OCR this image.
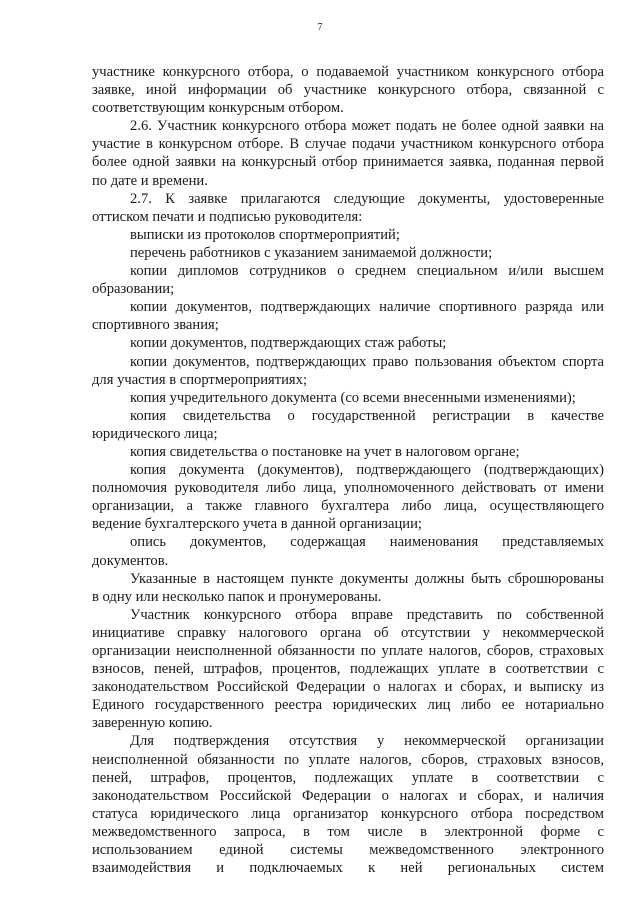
7
участнике конкурсного отбора, о подаваемой участником конкурсного отбора
заявке, иной информации об участнике конкурсного отбора, связанной с
соответствующим конкурсным отбором.
2.6. Участник конкурсного отбора может подать не более одной заявки на
участие в конкурсном отборе. В случае подачи участником конкурсного отбора
более одной заявки на конкурсный отбор принимается заявка, поданная первой
по дате и времени.
2.7. К заявке прилагаются следующие документы, удостоверенные
оттиском печати и подписью руководителя:
выписки из протоколов спортмероприятий;
перечень работников с указанием занимаемой должности;
копии дипломов сотрудников о среднем специальном и/или высшем
образовании;
копии документов, подтверждающих наличие спортивного разряда или
спортивного звания;
копии документов, подтверждающих стаж работы;
копии документов, подтверждающих право пользования объектом спорта
для участия в спортмероприятиях;
копия учредительного документа (со всеми внесенными изменениями);
копия свидетельства о государственной регистрации в качестве
юридического лица;
копия свидетельства о постановке на учет в налоговом органе;
копия документа (документов), подтверждающего (подтверждающих)
полномочия руководителя либо лица, уполномоченного действовать от имени
организации, а также главного бухгалтера либо лица, осуществляющего
ведение бухгалтерского учета в данной организации;
опись документов, содержащая наименования представляемых
документов.
Указанные в настоящем пункте документы должны быть сброшюрованы
в одну или несколько папок и пронумерованы.
Участник конкурсного отбора вправе представить по собственной
инициативе справку налогового органа об отсутствии у некоммерческой
организации неисполненной обязанности по уплате налогов, сборов, страховых
взносов, пеней, штрафов, процентов, подлежащих уплате в соответствии с
законодательством Российской Федерации о налогах и сборах, и выписку из
Единого государственного реестра юридических лиц либо ее нотариально
заверенную копию.
Для подтверждения отсутствия у некоммерческой организации
неисполненной обязанности по уплате налогов, сборов, страховых взносов,
пеней, штрафов, процентов, подлежащих уплате в соответствии с
законодательством Российской Федерации о налогах и сборах, и наличия
статуса юридического лица организатор конкурсного отбора посредством
межведомственного запроса, в том числе в электронной форме с
использованием единой системы межведомственного электронного
взаимодействия и подключаемых к ней региональных систем
